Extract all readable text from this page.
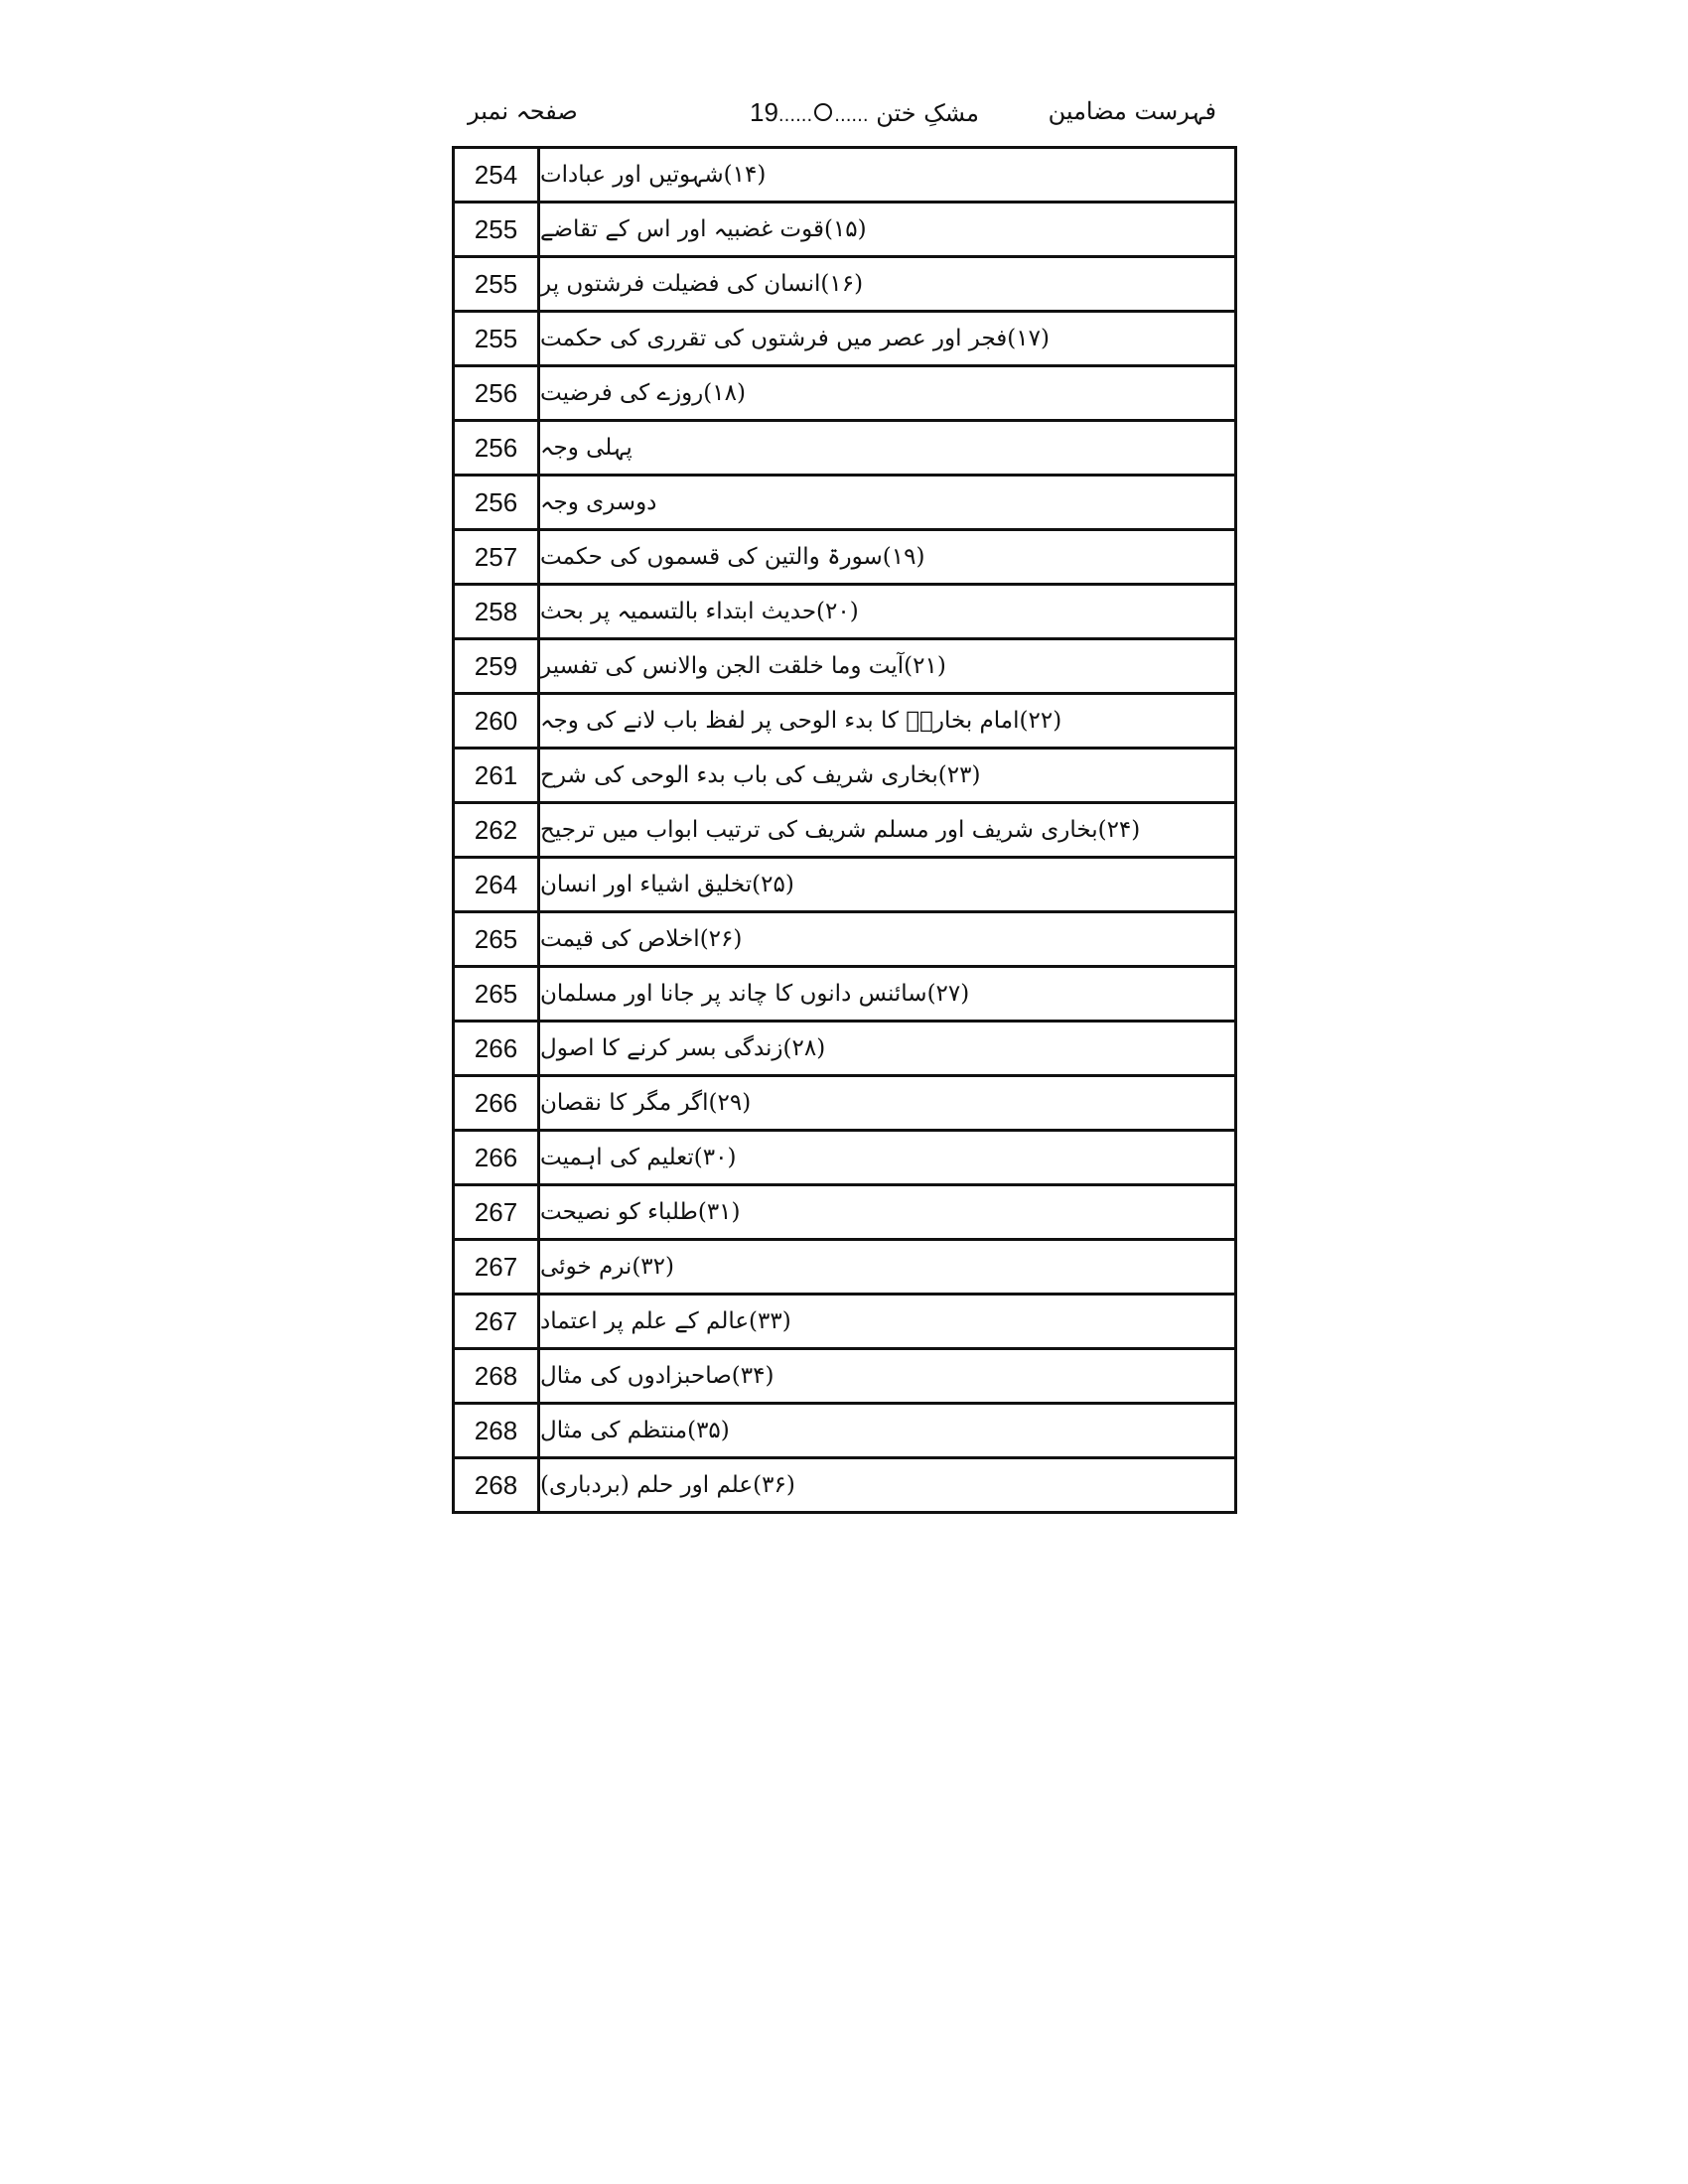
صفحہ نمبر	19...... ...... مشکِ ختن	فہرست مضامین
254 (۱۴)شہوتیں اور عبادات
255 (۱۵)قوت غضبیہ اور اس کے تقاضے
255 (۱۶)انسان کی فضیلت فرشتوں پر
255 (۱۷)فجر اور عصر میں فرشتوں کی تقرری کی حکمت
256 (۱۸)روزے کی فرضیت
256 پہلی وجہ
256 دوسری وجہ
257 (۱۹)سورۃ والتین کی قسموں کی حکمت
258 (۲۰)حدیث ابتداء بالتسمیہ پر بحث
259 (۲۱)آیت وما خلقت الجن والانس کی تفسیر
260 (۲۲)امام بخاریؒ کا بدء الوحی پر لفظ باب لانے کی وجہ
261 (۲۳)بخاری شریف کی باب بدء الوحی کی شرح
262 (۲۴)بخاری شریف اور مسلم شریف کی ترتیب ابواب میں ترجیح
264 (۲۵)تخلیق اشیاء اور انسان
265 (۲۶)اخلاص کی قیمت
265 (۲۷)سائنس دانوں کا چاند پر جانا اور مسلمان
266 (۲۸)زندگی بسر کرنے کا اصول
266 (۲۹)اگر مگر کا نقصان
266 (۳۰)تعلیم کی اہمیت
267 (۳۱)طلباء کو نصیحت
267 (۳۲)نرم خوئی
267 (۳۳)عالم کے علم پر اعتماد
268 (۳۴)صاحبزادوں کی مثال
268 (۳۵)منتظم کی مثال
268 (۳۶)علم اور حلم (بردباری)
